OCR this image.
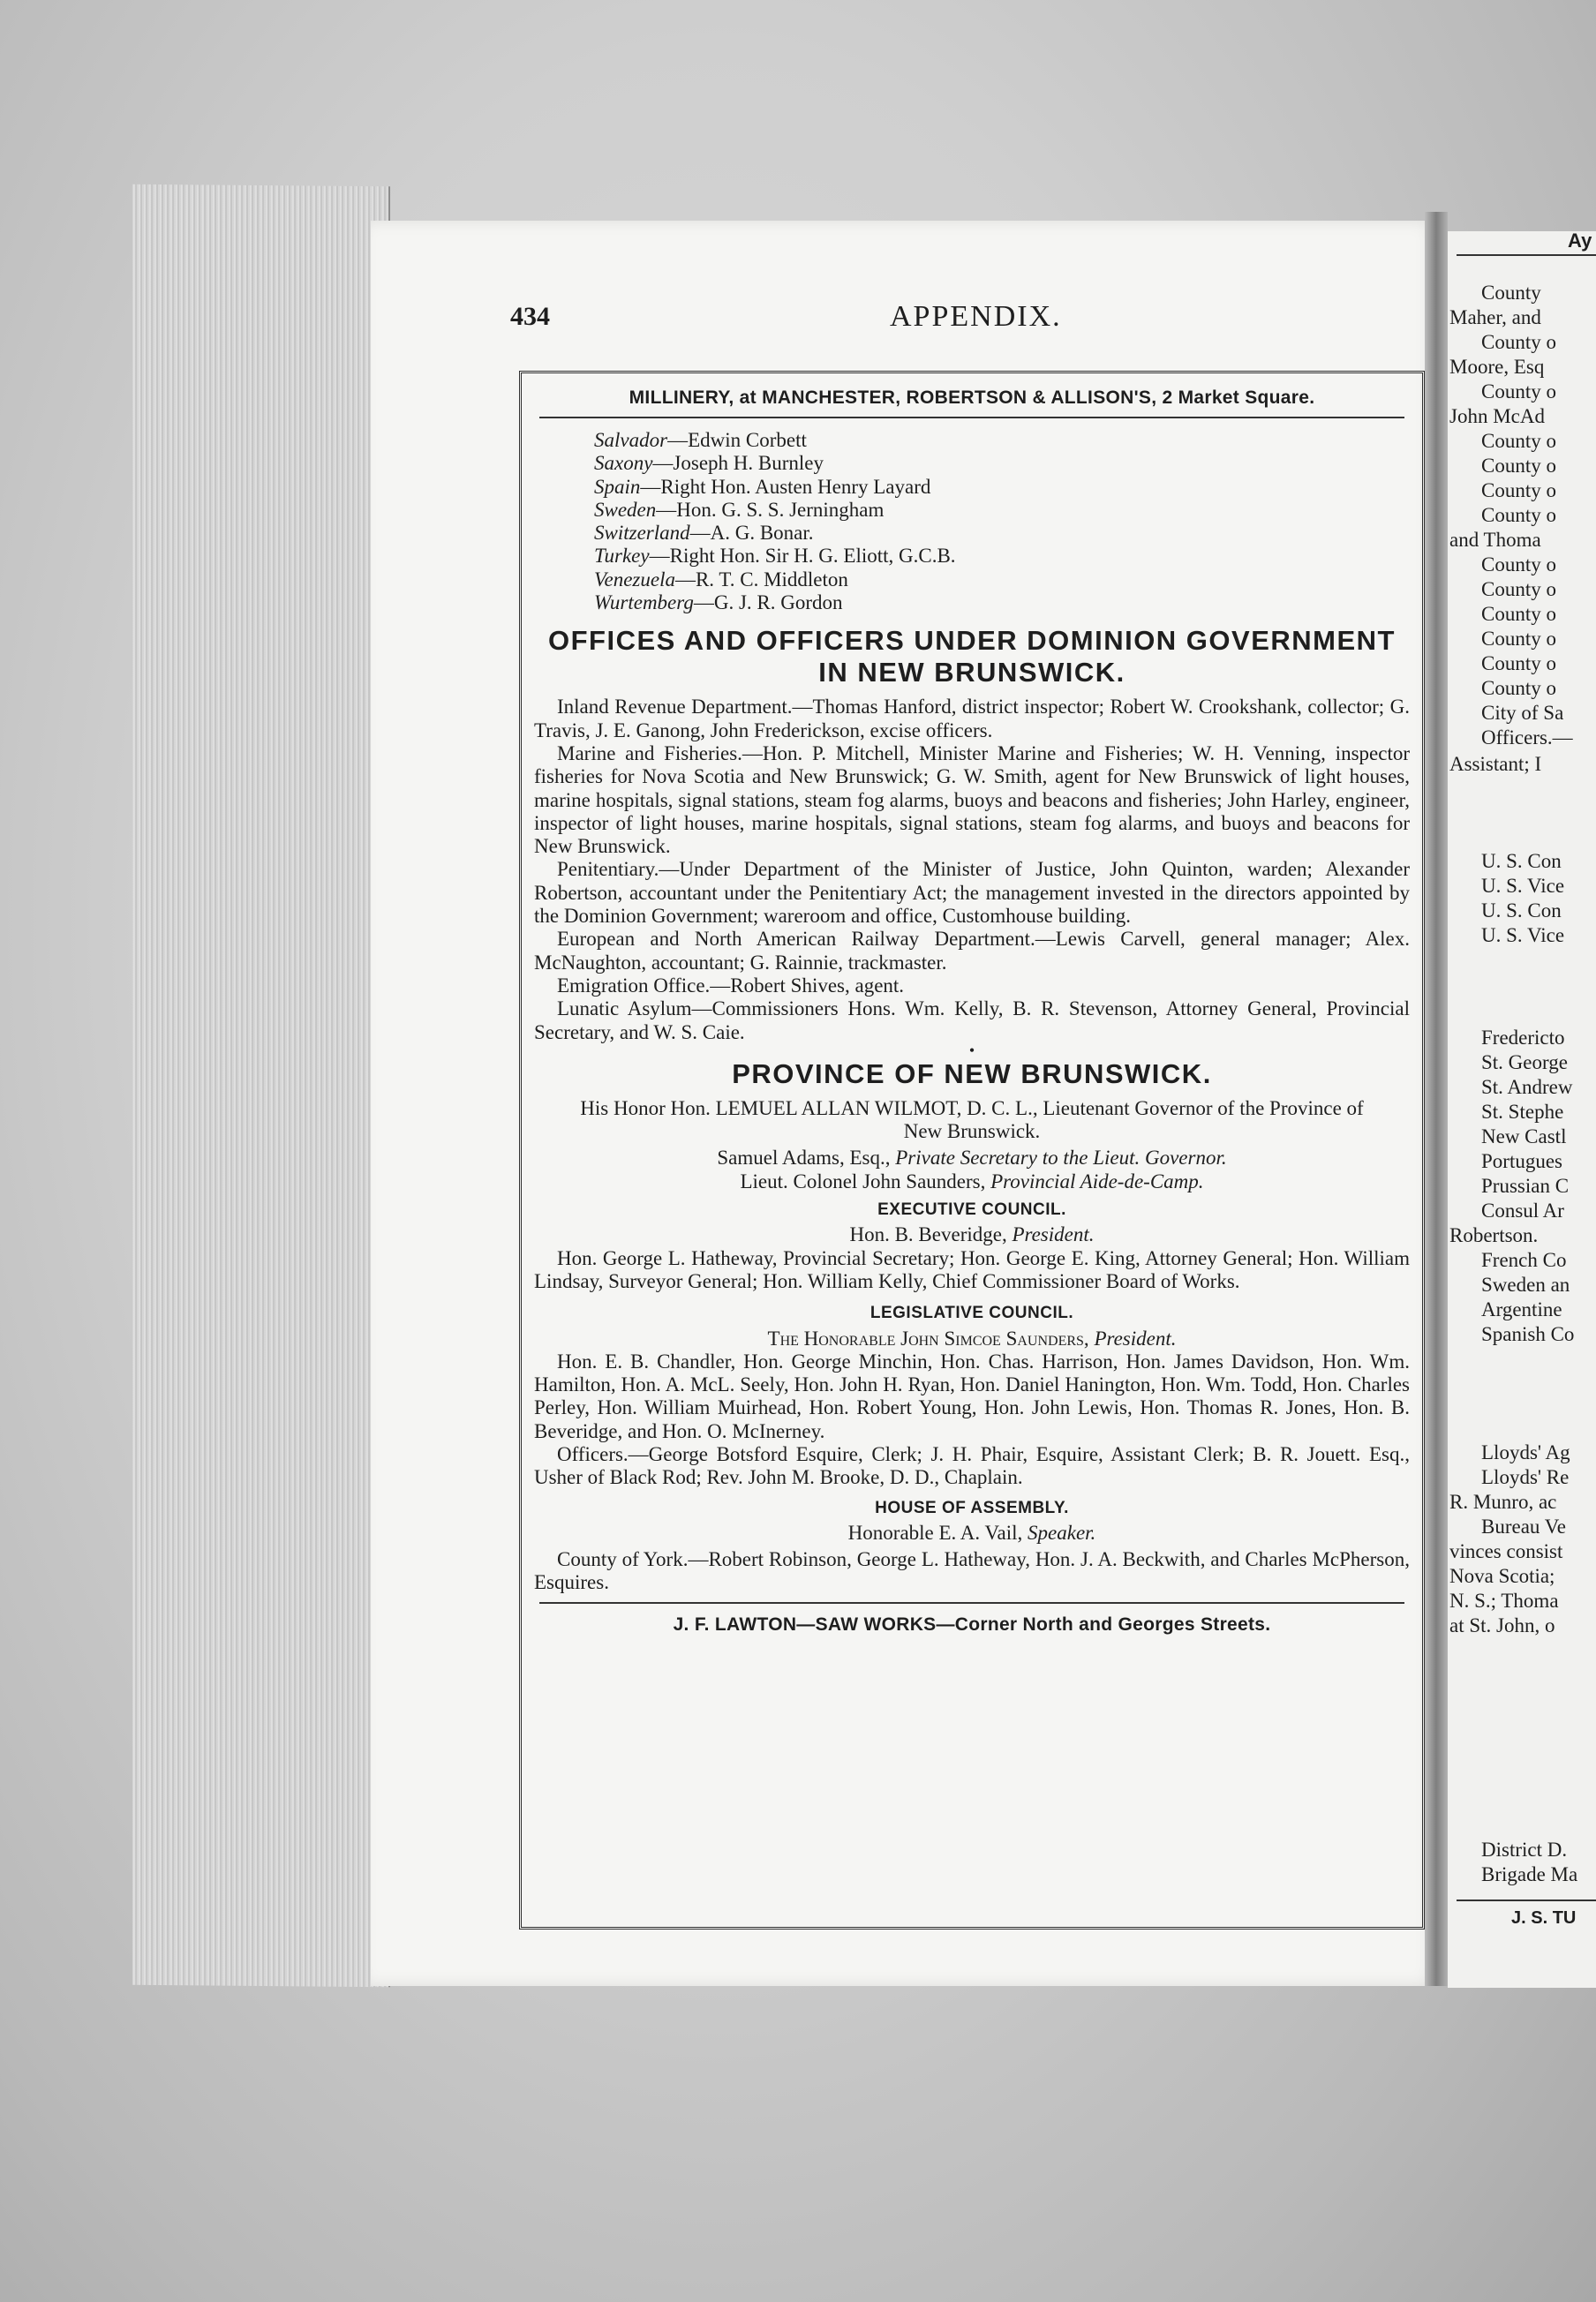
Ay
County
Maher, and
County o
Moore, Esq
County o
John McAd
County o
County o
County o
County o
and Thoma
County o
County o
County o
County o
County o
County o
City of Sa
Officers.—
Assistant; I
U. S. Con
U. S. Vice
U. S. Con
U. S. Vice
Fredericto
St. George
St. Andrew
St. Stephe
New Castl
Portugues
Prussian C
Consul Ar
Robertson.
French Co
Sweden an
Argentine
Spanish Co
Lloyds' Ag
Lloyds' Re
R. Munro, ac
Bureau Ve
vinces consist
Nova Scotia;
N. S.; Thoma
at St. John, o
District D.
Brigade Ma
J. S. TU
434	APPENDIX.
MILLINERY, at MANCHESTER, ROBERTSON & ALLISON'S, 2 Market Square.
Salvador—Edwin Corbett
Saxony—Joseph H. Burnley
Spain—Right Hon. Austen Henry Layard
Sweden—Hon. G. S. S. Jerningham
Switzerland—A. G. Bonar.
Turkey—Right Hon. Sir H. G. Eliott, G.C.B.
Venezuela—R. T. C. Middleton
Wurtemberg—G. J. R. Gordon
OFFICES AND OFFICERS UNDER DOMINION GOVERNMENT IN NEW BRUNSWICK.

Inland Revenue Department.—Thomas Hanford, district inspector; Robert W. Crookshank, collector; G. Travis, J. E. Ganong, John Frederickson, excise officers.

Marine and Fisheries.—Hon. P. Mitchell, Minister Marine and Fisheries; W. H. Venning, inspector fisheries for Nova Scotia and New Brunswick; G. W. Smith, agent for New Brunswick of light houses, marine hospitals, signal stations, steam fog alarms, buoys and beacons and fisheries; John Harley, engineer, inspector of light houses, marine hospitals, signal stations, steam fog alarms, and buoys and beacons for New Brunswick.

Penitentiary.—Under Department of the Minister of Justice, John Quinton, warden; Alexander Robertson, accountant under the Penitentiary Act; the management invested in the directors appointed by the Dominion Government; wareroom and office, Customhouse building.

European and North American Railway Department.—Lewis Carvell, general manager; Alex. McNaughton, accountant; G. Rainnie, trackmaster.

Emigration Office.—Robert Shives, agent.

Lunatic Asylum—Commissioners Hons. Wm. Kelly, B. R. Stevenson, Attorney General, Provincial Secretary, and W. S. Caie.

•
PROVINCE OF NEW BRUNSWICK.

His Honor Hon. LEMUEL ALLAN WILMOT, D. C. L., Lieutenant Governor of the Province of New Brunswick.

Samuel Adams, Esq., Private Secretary to the Lieut. Governor.
Lieut. Colonel John Saunders, Provincial Aide-de-Camp.
EXECUTIVE COUNCIL.
Hon. B. Beveridge, President.

Hon. George L. Hatheway, Provincial Secretary; Hon. George E. King, Attorney General; Hon. William Lindsay, Surveyor General; Hon. William Kelly, Chief Commissioner Board of Works.

LEGISLATIVE COUNCIL.
The Honorable John Simcoe Saunders, President.

Hon. E. B. Chandler, Hon. George Minchin, Hon. Chas. Harrison, Hon. James Davidson, Hon. Wm. Hamilton, Hon. A. McL. Seely, Hon. John H. Ryan, Hon. Daniel Hanington, Hon. Wm. Todd, Hon. Charles Perley, Hon. William Muirhead, Hon. Robert Young, Hon. John Lewis, Hon. Thomas R. Jones, Hon. B. Beveridge, and Hon. O. McInerney.

Officers.—George Botsford Esquire, Clerk; J. H. Phair, Esquire, Assistant Clerk; B. R. Jouett. Esq., Usher of Black Rod; Rev. John M. Brooke, D. D., Chaplain.

HOUSE OF ASSEMBLY.
Honorable E. A. Vail, Speaker.

County of York.—Robert Robinson, George L. Hatheway, Hon. J. A. Beckwith, and Charles McPherson, Esquires.

J. F. LAWTON—SAW WORKS—Corner North and Georges Streets.
